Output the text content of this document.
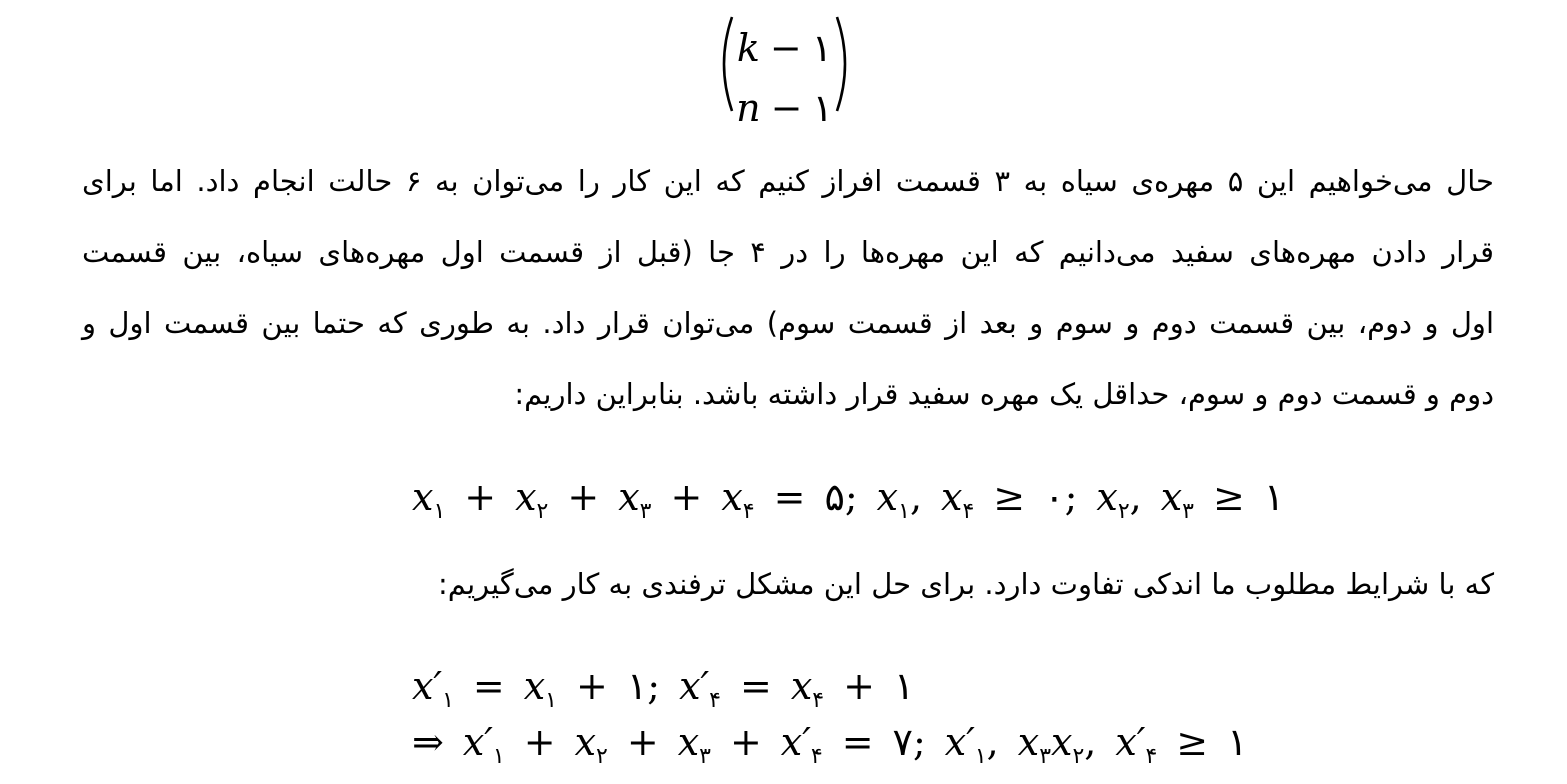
k − ۱
n − ۱
حال می‌خواهیم این ۵ مهره‌ی سیاه به ۳ قسمت افراز کنیم که این کار را می‌توان به ۶ حالت انجام داد. اما برای
قرار دادن مهره‌های سفید می‌دانیم که این مهره‌ها را در ۴ جا (قبل از قسمت اول مهره‌های سیاه، بین قسمت
اول و دوم، بین قسمت دوم و سوم و بعد از قسمت سوم) می‌توان قرار داد. به طوری که حتما بین قسمت اول و
دوم و قسمت دوم و سوم، حداقل یک مهره سفید قرار داشته باشد. بنابراین داریم:
$x_۱$  +  $x_۲$  +  $x_۳$  +  $x_۴$  =  ۵;  $x_۱$,  $x_۴$  ≥  ۰;  $x_۲$,  $x_۳$  ≥  ۱
که با شرایط مطلوب ما اندکی تفاوت دارد. برای حل این مشکل ترفندی به کار می‌گیریم:
$x'_۱$  =  $x_۱$  +  ۱;  $x'_۴$  =  $x_۴$  +  ۱
⇒  $x'_۱$  +  $x_۲$  +  $x_۳$  +  $x'_۴$  =  ۷;  $x'_۱$,  $x_۳x_۲$,  $x'_۴$  ≥  ۱
